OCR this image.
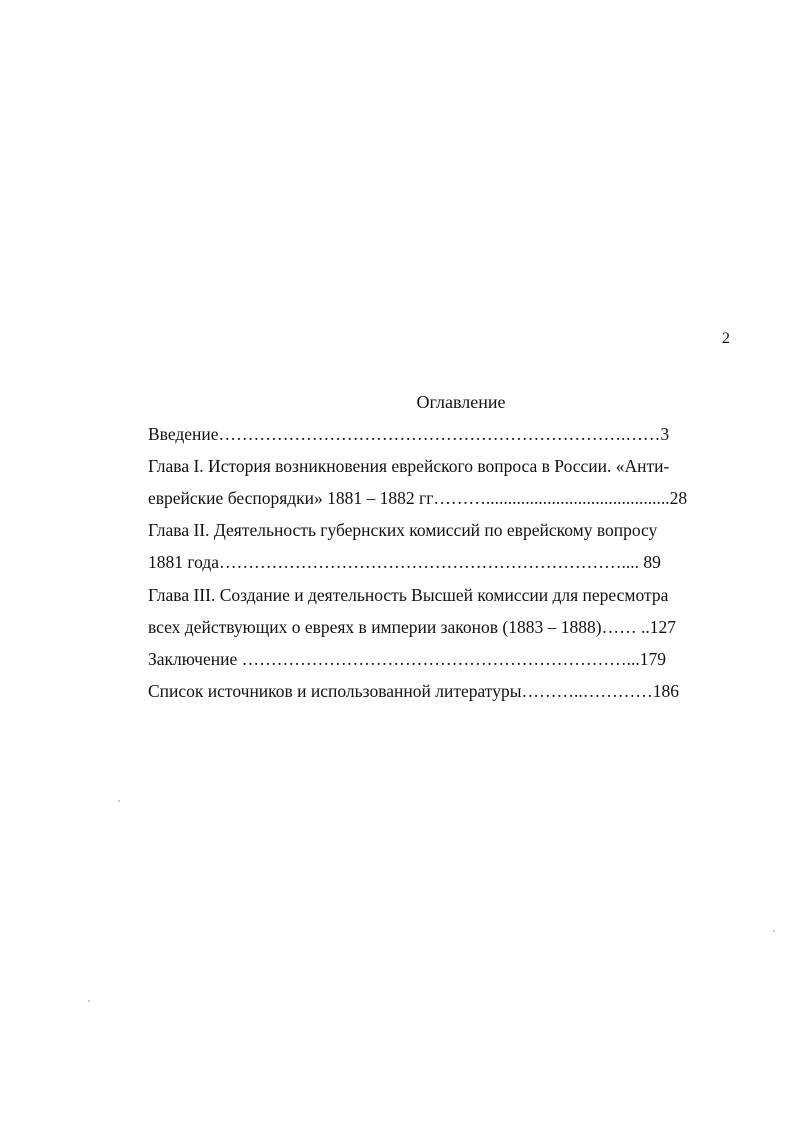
2
Оглавление
Введение…………………………………………………………….……3
Глава I. История возникновения еврейского вопроса в России. «Анти-
еврейские беспорядки» 1881 – 1882 гг………..........................................28
Глава II. Деятельность губернских комиссий по еврейскому вопросу
1881 года…………………………………………………………….... 89
Глава III. Создание и деятельность Высшей комиссии для пересмотра
всех действующих о евреях в империи законов (1883 – 1888)…… ..127
Заключение …………………………………………………………...179
Список источников и использованной литературы………..…………186
